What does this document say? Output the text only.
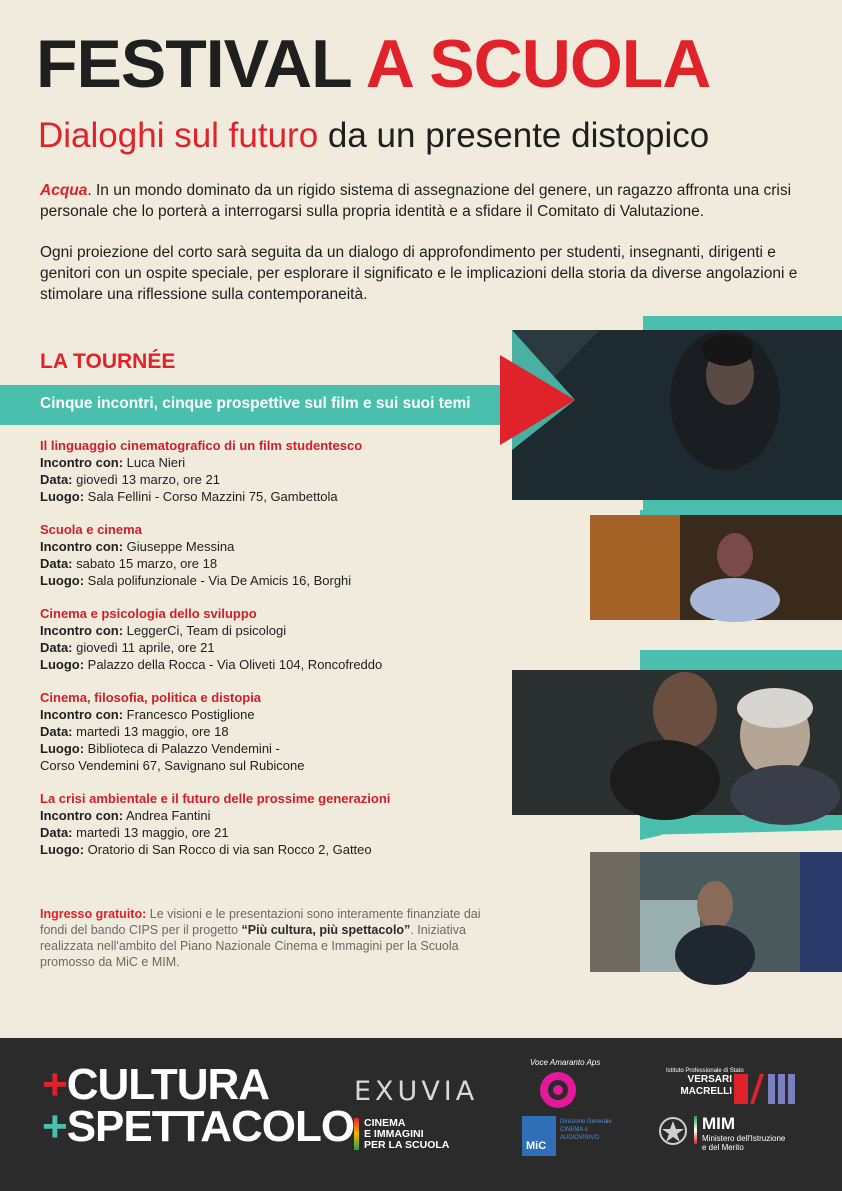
FESTIVAL A SCUOLA
Dialoghi sul futuro da un presente distopico
Acqua. In un mondo dominato da un rigido sistema di assegnazione del genere, un ragazzo affronta una crisi personale che lo porterà a interrogarsi sulla propria identità e a sfidare il Comitato di Valutazione.
Ogni proiezione del corto sarà seguita da un dialogo di approfondimento per studenti, insegnanti, dirigenti e genitori con un ospite speciale, per esplorare il significato e le implicazioni della storia da diverse angolazioni e stimolare una riflessione sulla contemporaneità.
LA TOURNÉE
Cinque incontri, cinque prospettive sul film e sui suoi temi
Il linguaggio cinematografico di un film studentesco
Incontro con: Luca Nieri
Data: giovedì 13 marzo, ore 21
Luogo: Sala Fellini - Corso Mazzini 75, Gambettola
Scuola e cinema
Incontro con: Giuseppe Messina
Data: sabato 15 marzo, ore 18
Luogo: Sala polifunzionale - Via De Amicis 16, Borghi
Cinema e psicologia dello sviluppo
Incontro con: LeggerCi, Team di psicologi
Data: giovedì 11 aprile, ore 21
Luogo: Palazzo della Rocca - Via Oliveti 104, Roncofreddo
Cinema, filosofia, politica e distopia
Incontro con: Francesco Postiglione
Data: martedì 13 maggio, ore 18
Luogo: Biblioteca di Palazzo Vendemini -
Corso Vendemini 67, Savignano sul Rubicone
La crisi ambientale e il futuro delle prossime generazioni
Incontro con: Andrea Fantini
Data: martedì 13 maggio, ore 21
Luogo: Oratorio di San Rocco di via san Rocco 2, Gatteo
Ingresso gratuito: Le visioni e le presentazioni sono interamente finanziate dai fondi del bando CIPS per il progetto “Più cultura, più spettacolo”. Iniziativa realizzata nell'ambito del Piano Nazionale Cinema e Immagini per la Scuola promosso da MiC e MIM.
+CULTURA
+SPETTACOLO
EXUVIA
CINEMA
E IMMAGINI
PER LA SCUOLA
Voce Amaranto Aps
MiC
Direzione Generale
CINEMA e
AUDIOVISIVO
Istituto Professionale di Stato
VERSARI
MACRELLI
MIM
Ministero dell'Istruzione
e del Merito
